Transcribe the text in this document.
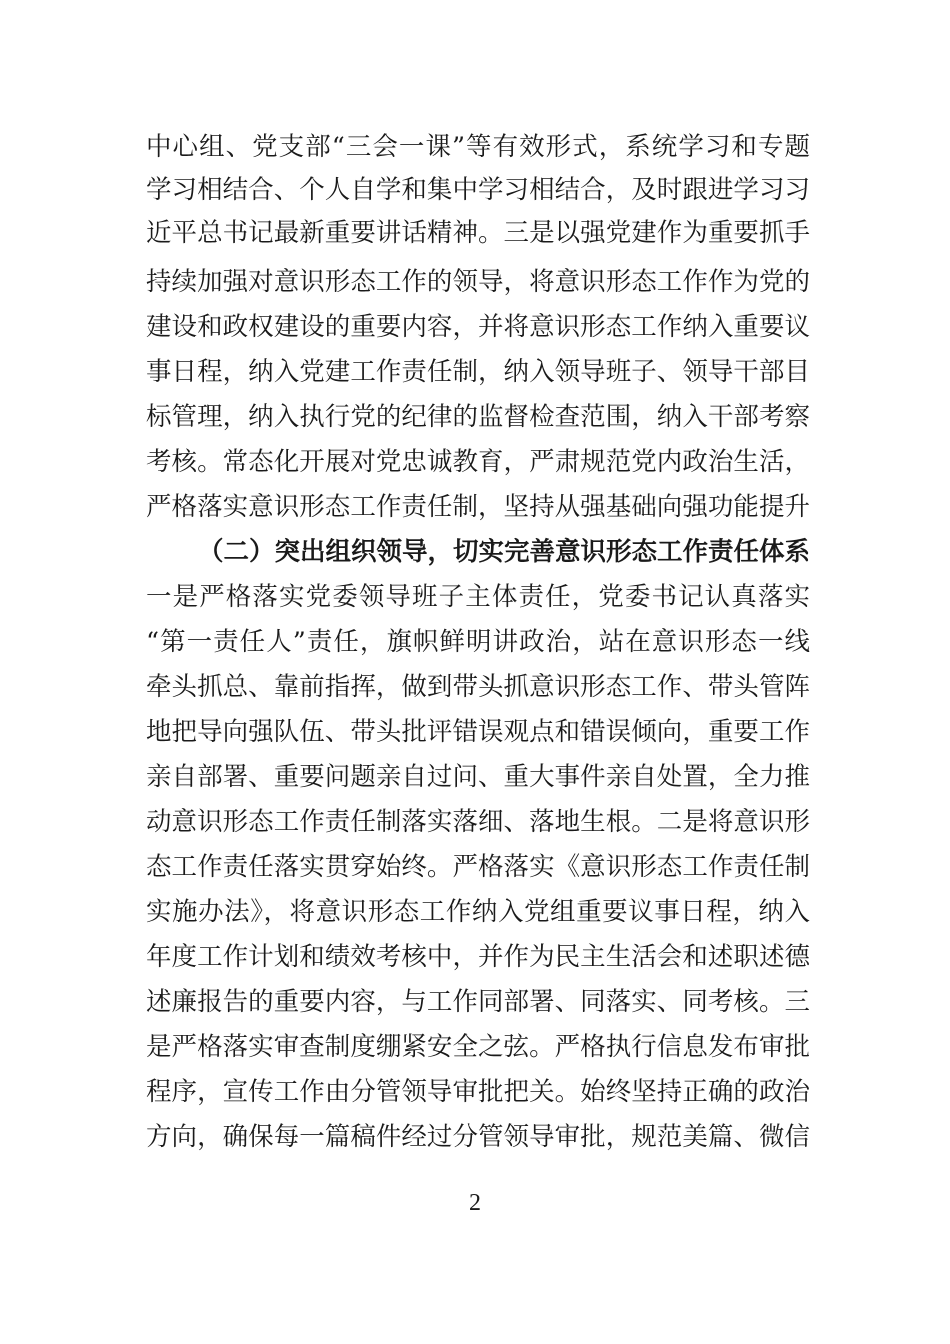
中心组、党支部“三会一课”等有效形式，系统学习和专题
学习相结合、个人自学和集中学习相结合，及时跟进学习习
近平总书记最新重要讲话精神。三是以强党建作为重要抓手
持续加强对意识形态工作的领导，将意识形态工作作为党的
建设和政权建设的重要内容，并将意识形态工作纳入重要议
事日程，纳入党建工作责任制，纳入领导班子、领导干部目
标管理，纳入执行党的纪律的监督检查范围，纳入干部考察
考核。常态化开展对党忠诚教育，严肃规范党内政治生活，
严格落实意识形态工作责任制，坚持从强基础向强功能提升
（二）突出组织领导，切实完善意识形态工作责任体系
一是严格落实党委领导班子主体责任，党委书记认真落实
“第一责任人”责任，旗帜鲜明讲政治，站在意识形态一线
牵头抓总、靠前指挥，做到带头抓意识形态工作、带头管阵
地把导向强队伍、带头批评错误观点和错误倾向，重要工作
亲自部署、重要问题亲自过问、重大事件亲自处置，全力推
动意识形态工作责任制落实落细、落地生根。二是将意识形
态工作责任落实贯穿始终。严格落实《意识形态工作责任制
实施办法》，将意识形态工作纳入党组重要议事日程，纳入
年度工作计划和绩效考核中，并作为民主生活会和述职述德
述廉报告的重要内容，与工作同部署、同落实、同考核。三
是严格落实审查制度绷紧安全之弦。严格执行信息发布审批
程序，宣传工作由分管领导审批把关。始终坚持正确的政治
方向，确保每一篇稿件经过分管领导审批，规范美篇、微信
2
